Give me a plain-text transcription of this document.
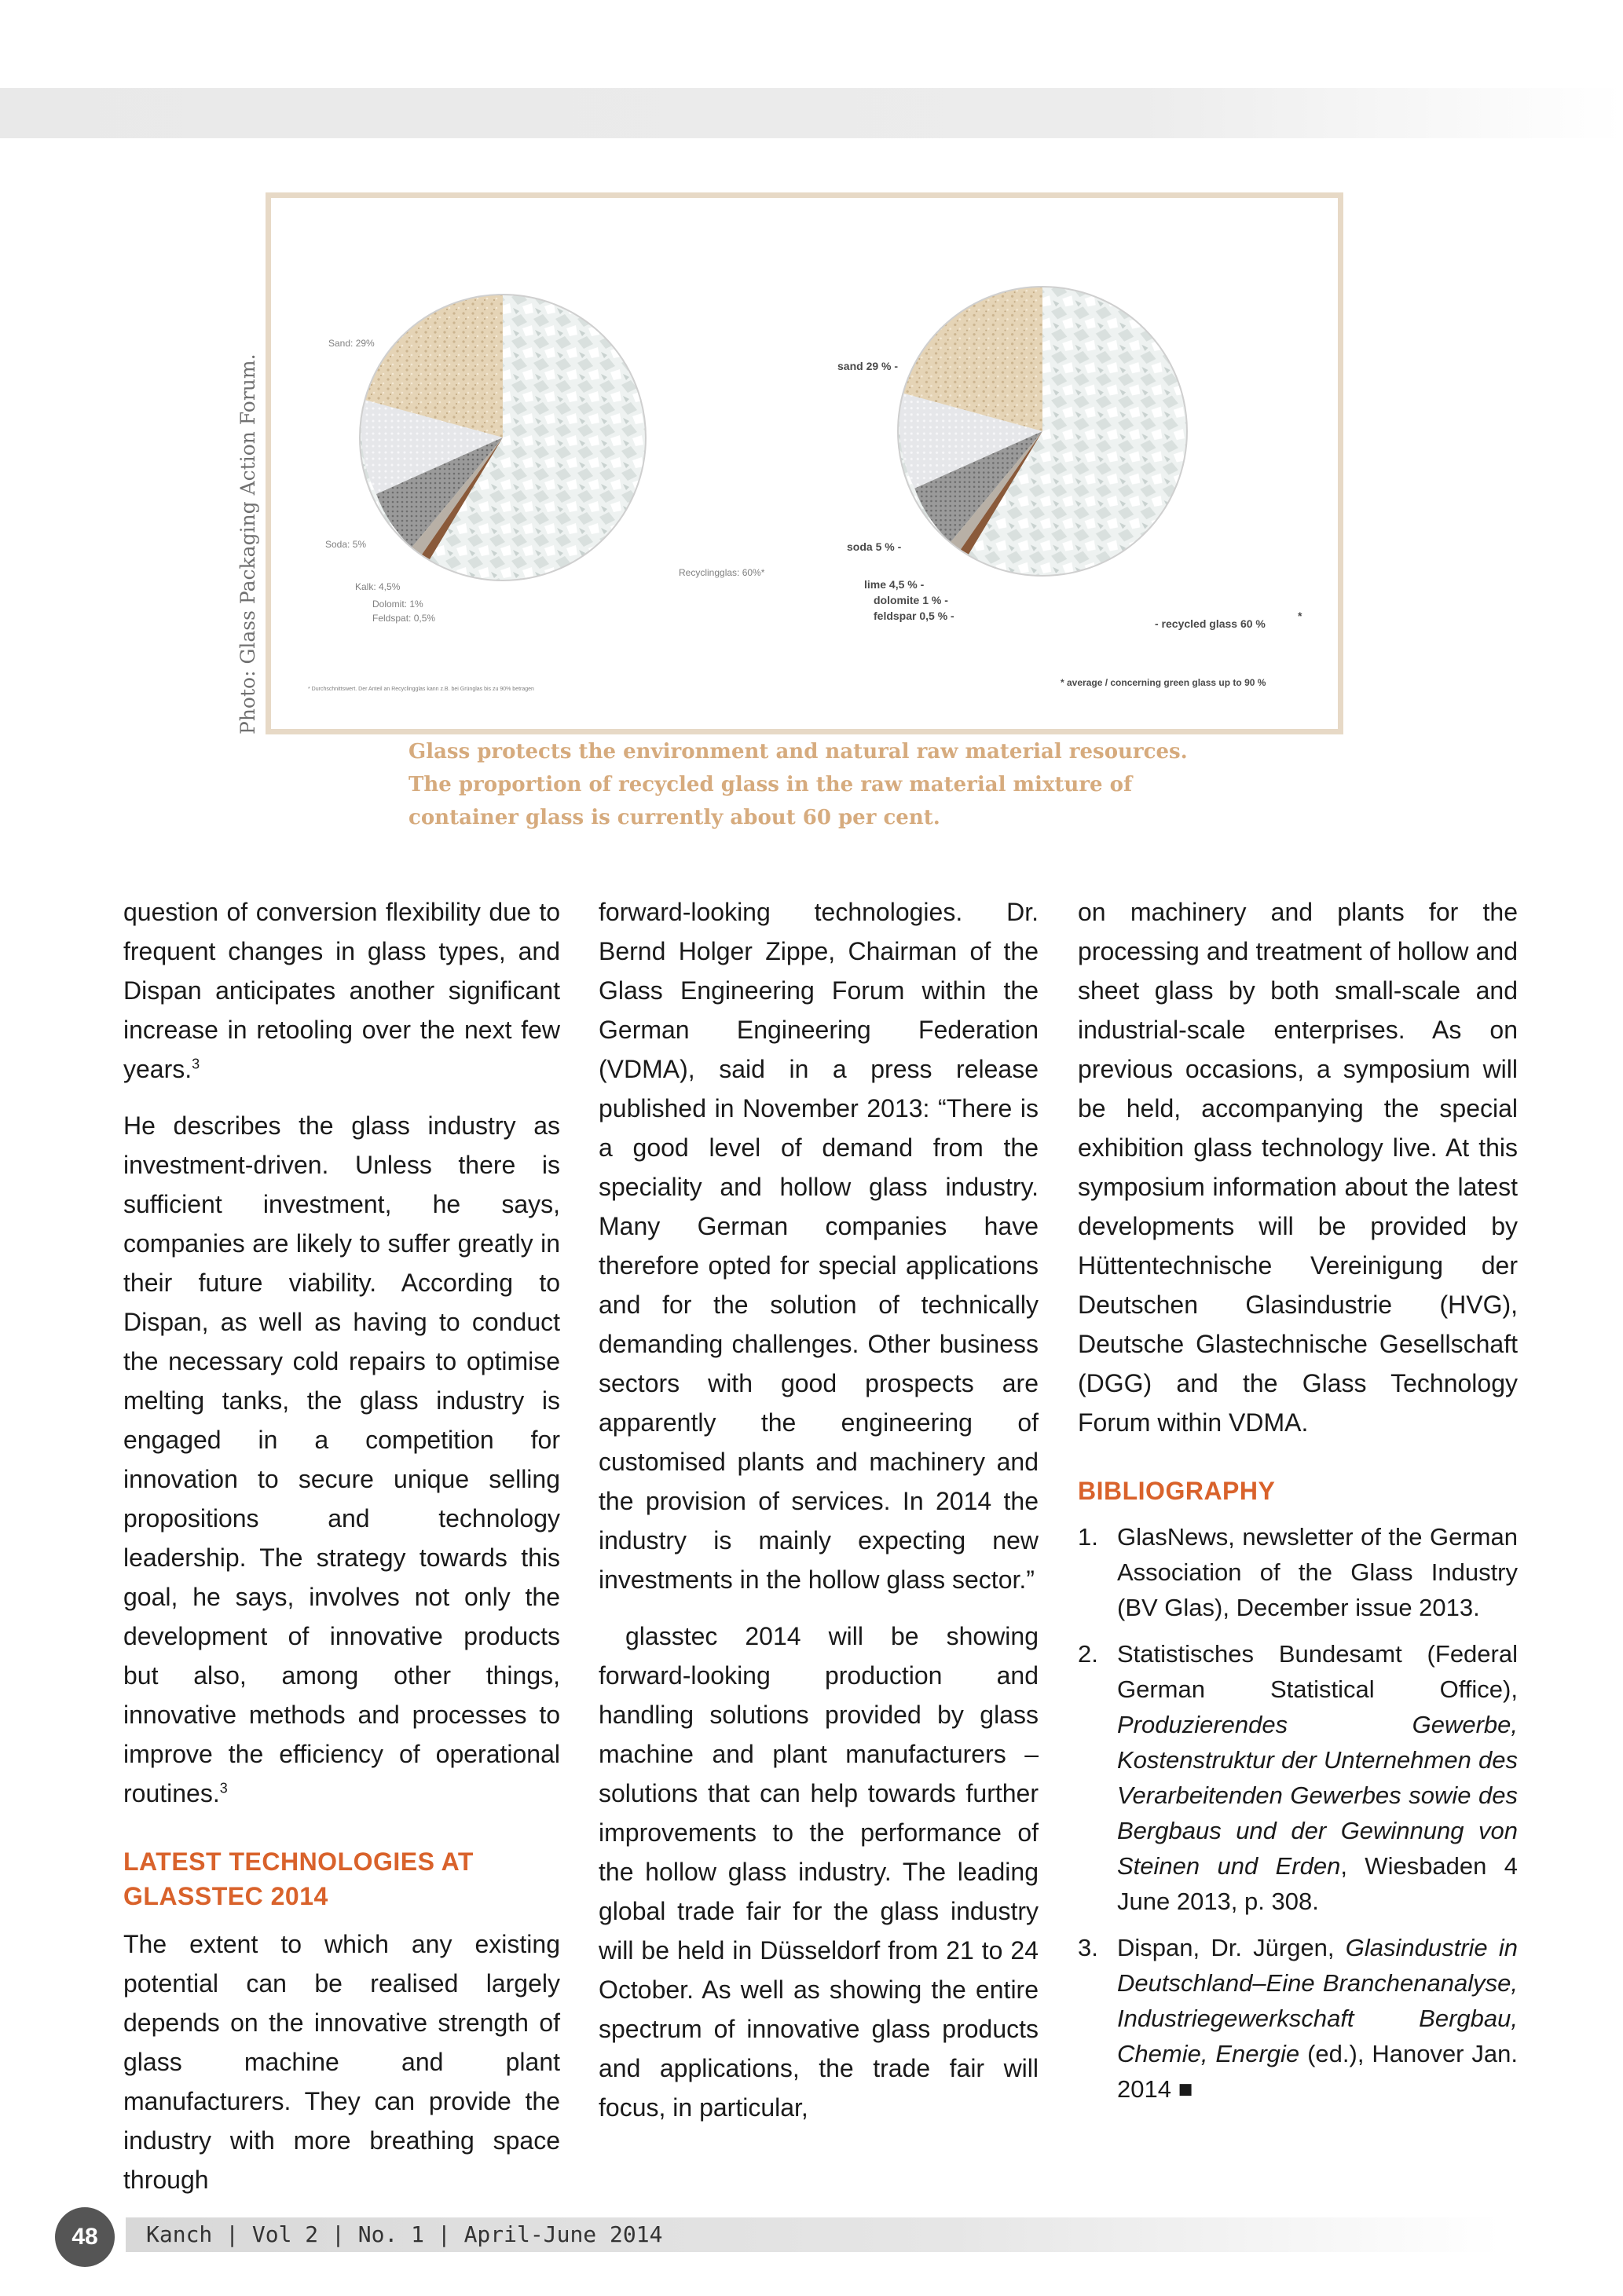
Photo: Glass Packaging Action Forum.
Sand: 29%
Soda: 5%
Kalk: 4,5%
Dolomit: 1%
Feldspat: 0,5%
Recyclingglas: 60%*
* Durchschnittswert. Der Anteil an Recyclingglas kann z.B. bei Grünglas bis zu 90% betragen
sand 29 % -
soda 5 % -
lime 4,5 % -
dolomite 1 % -
feldspar 0,5 % -
- recycled glass 60 %
*
* average / concerning green glass up to 90 %
Glass protects the environment and natural raw material resources.
The proportion of recycled glass in the raw material mixture of
container glass is currently about 60 per cent.

question of conversion flexibility due to frequent changes in glass types, and Dispan anticipates another significant increase in retooling over the next few years.$^3$

He describes the glass industry as investment-driven. Unless there is sufficient investment, he says, companies are likely to suffer greatly in their future viability. According to Dispan, as well as having to conduct the necessary cold repairs to optimise melting tanks, the glass industry is engaged in a competition for innovation to secure unique selling propositions and technology leadership. The strategy towards this goal, he says, involves not only the development of innovative products but also, among other things, innovative methods and processes to improve the efficiency of operational routines.$^3$

LATEST TECHNOLOGIES AT
GLASSTEC 2014

The extent to which any existing potential can be realised largely depends on the innovative strength of glass machine and plant manufacturers. They can provide the industry with more breathing space through

forward-looking technologies. Dr. Bernd Holger Zippe, Chairman of the Glass Engineering Forum within the German Engineering Federation (VDMA), said in a press release published in November 2013: “There is a good level of demand from the speciality and hollow glass industry. Many German companies have therefore opted for special applications and for the solution of technically demanding challenges. Other business sectors with good prospects are apparently the engineering of customised plants and machinery and the provision of services. In 2014 the industry is mainly expecting new investments in the hollow glass sector.”

glasstec 2014 will be showing forward-looking production and handling solutions provided by glass machine and plant manufacturers – solutions that can help towards further improvements to the performance of the hollow glass industry. The leading global trade fair for the glass industry will be held in Düsseldorf from 21 to 24 October. As well as showing the entire spectrum of innovative glass products and applications, the trade fair will focus, in particular,

on machinery and plants for the processing and treatment of hollow and sheet glass by both small-scale and industrial-scale enterprises. As on previous occasions, a symposium will be held, accompanying the special exhibition glass technology live. At this symposium information about the latest developments will be provided by Hüttentechnische Vereinigung der Deutschen Glasindustrie (HVG), Deutsche Glastechnische Gesellschaft (DGG) and the Glass Technology Forum within VDMA.

BIBLIOGRAPHY
1. GlasNews, newsletter of the German Association of the Glass Industry (BV Glas), December issue 2013.
2. Statistisches Bundesamt (Federal German Statistical Office), Produzierendes Gewerbe, Kostenstruktur der Unternehmen des Verarbeitenden Gewerbes sowie des Bergbaus und der Gewinnung von Steinen und Erden, Wiesbaden 4 June 2013, p. 308.
3. Dispan, Dr. Jürgen, Glasindustrie in Deutschland–Eine Branchenanalyse, Industriegewerkschaft Bergbau, Chemie, Energie (ed.), Hanover Jan. 2014 ■
48	Kanch | Vol 2 | No. 1 | April-June 2014
